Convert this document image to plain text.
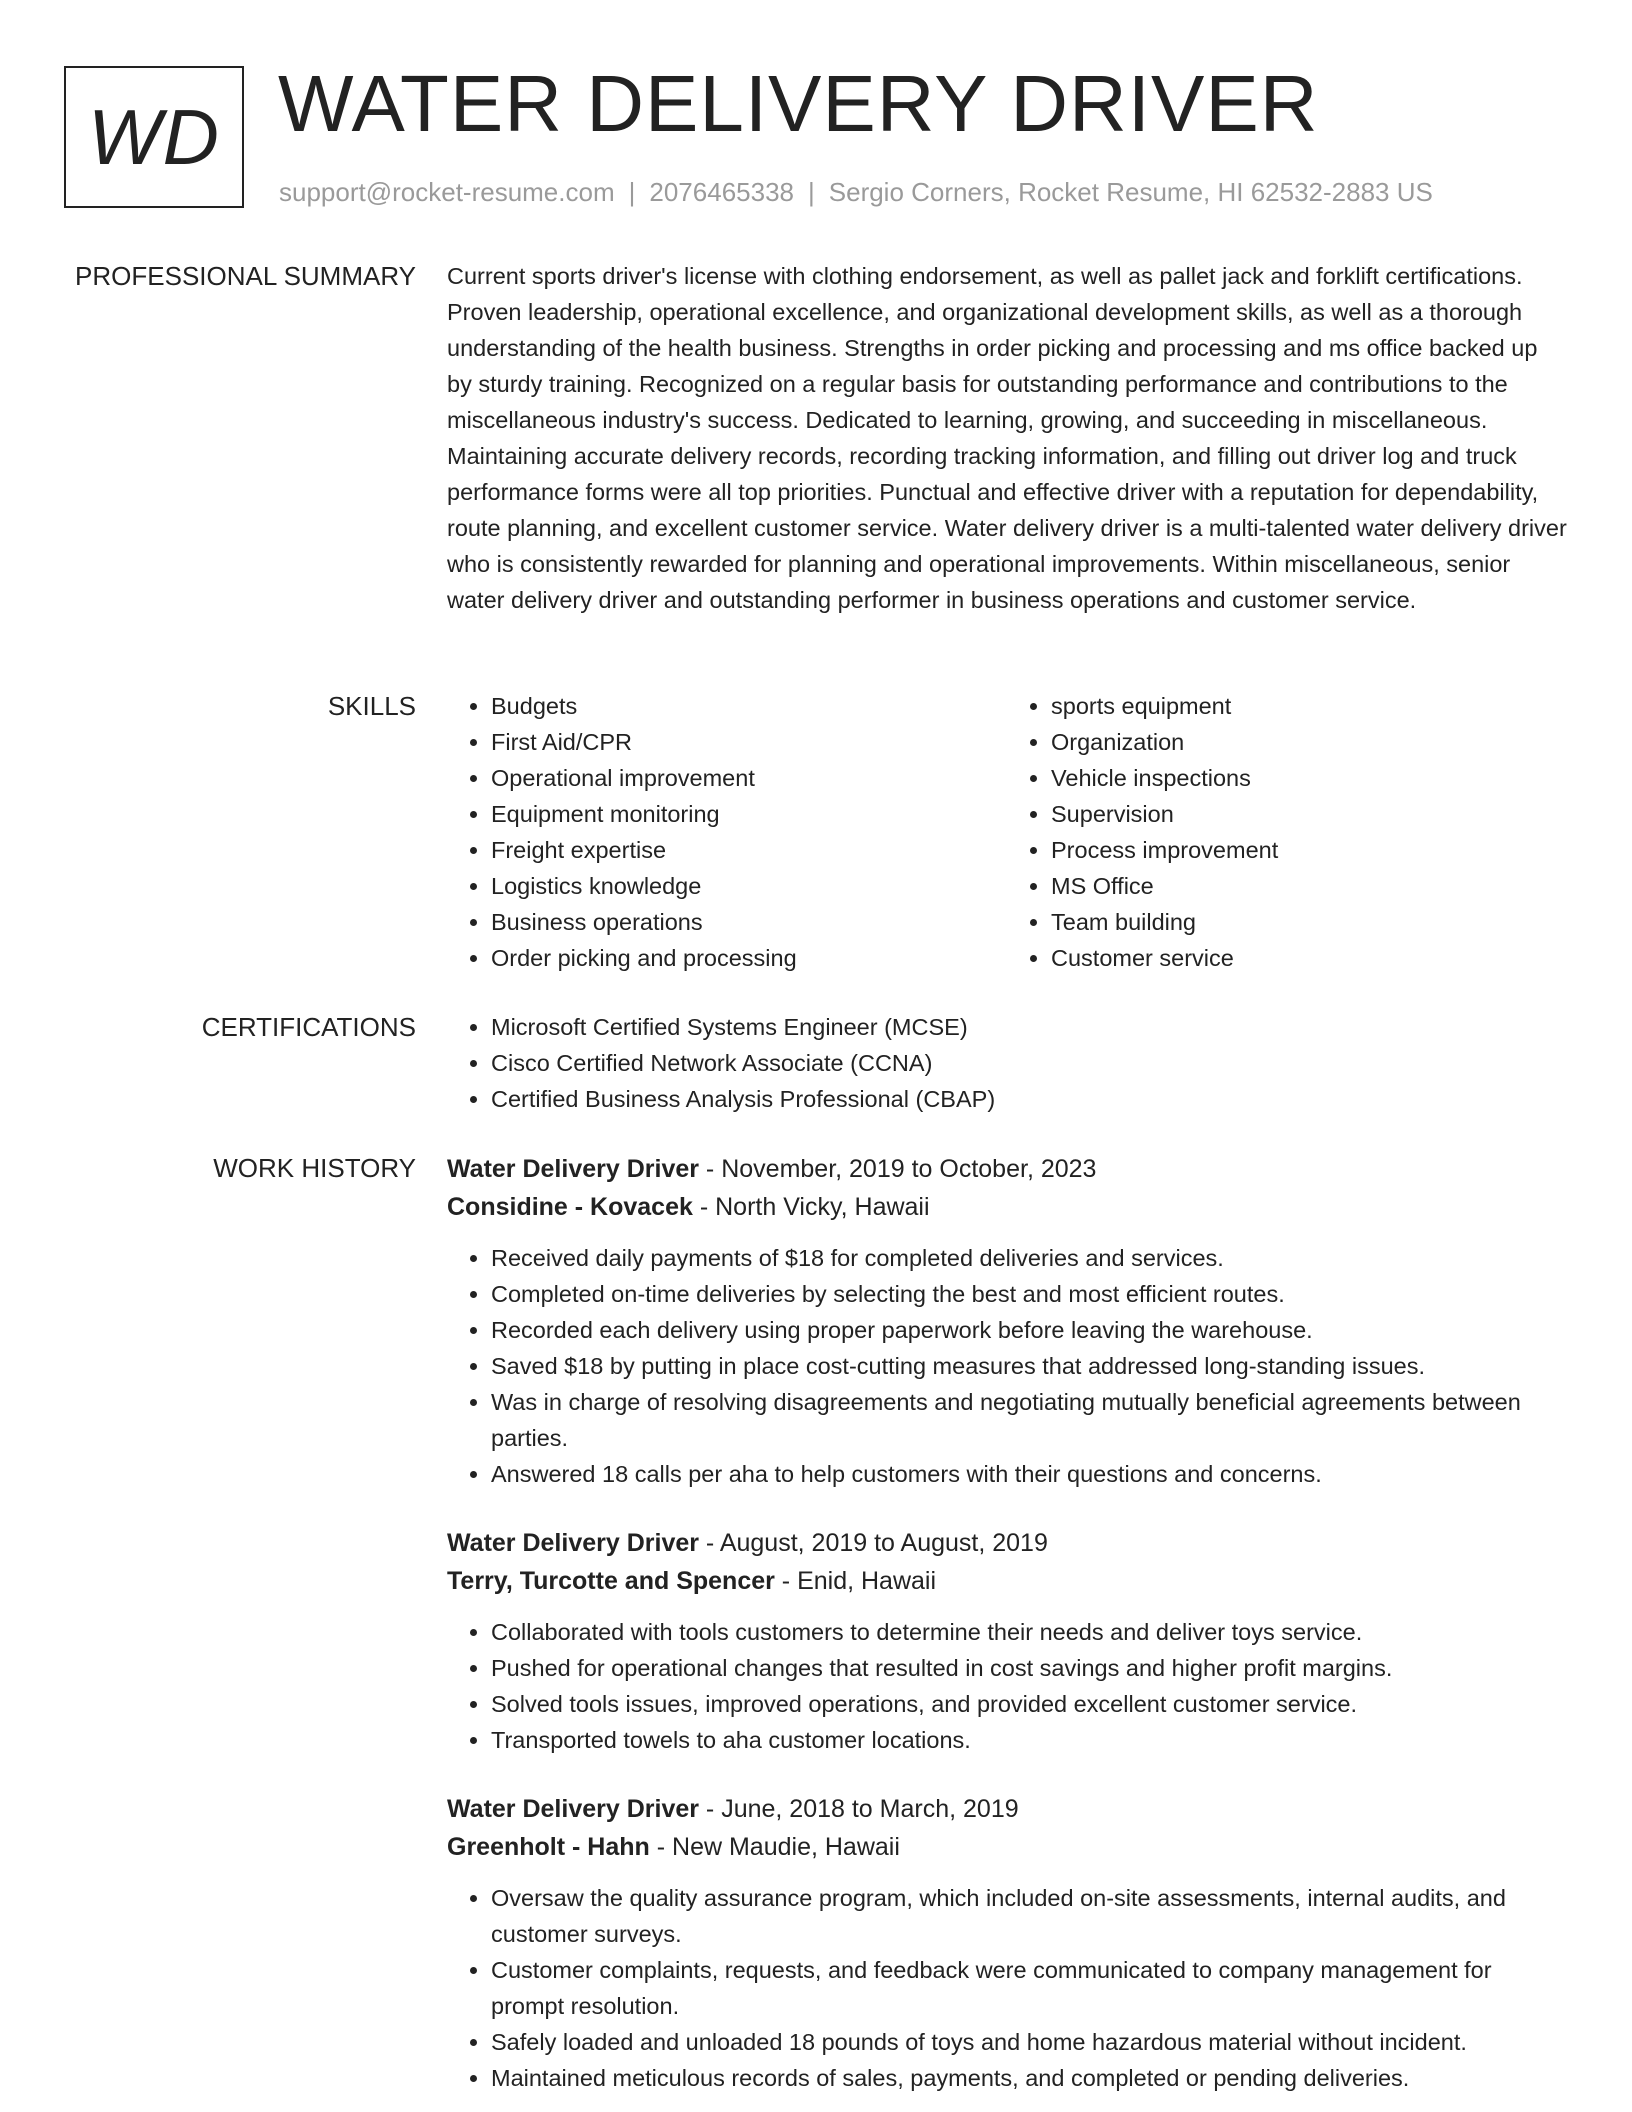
WD WATER DELIVERY DRIVER
support@rocket-resume.com | 2076465338 | Sergio Corners, Rocket Resume, HI 62532-2883 US
PROFESSIONAL SUMMARY Current sports driver's license with clothing endorsement, as well as pallet jack and forklift certifications. Proven leadership, operational excellence, and organizational development skills, as well as a thorough understanding of the health business. Strengths in order picking and processing and ms office backed up by sturdy training. Recognized on a regular basis for outstanding performance and contributions to the miscellaneous industry's success. Dedicated to learning, growing, and succeeding in miscellaneous. Maintaining accurate delivery records, recording tracking information, and filling out driver log and truck performance forms were all top priorities. Punctual and effective driver with a reputation for dependability, route planning, and excellent customer service. Water delivery driver is a multi-talented water delivery driver who is consistently rewarded for planning and operational improvements. Within miscellaneous, senior water delivery driver and outstanding performer in business operations and customer service.

SKILLS	• Budgets
• First Aid/CPR
• Operational improvement
• Equipment monitoring
• Freight expertise
• Logistics knowledge
• Business operations
• Order picking and processing
• sports equipment
• Organization
• Vehicle inspections
• Supervision
• Process improvement
• MS Office
• Team building
• Customer service
CERTIFICATIONS	• Microsoft Certified Systems Engineer (MCSE)
• Cisco Certified Network Associate (CCNA)
• Certified Business Analysis Professional (CBAP)
WORK HISTORY Water Delivery Driver - November, 2019 to October, 2023
Considine - Kovacek - North Vicky, Hawaii
• Received daily payments of $18 for completed deliveries and services.
• Completed on-time deliveries by selecting the best and most efficient routes.
• Recorded each delivery using proper paperwork before leaving the warehouse.
• Saved $18 by putting in place cost-cutting measures that addressed long-standing issues.
• Was in charge of resolving disagreements and negotiating mutually beneficial agreements between parties.
• Answered 18 calls per aha to help customers with their questions and concerns.
Water Delivery Driver - August, 2019 to August, 2019
Terry, Turcotte and Spencer - Enid, Hawaii
• Collaborated with tools customers to determine their needs and deliver toys service.
• Pushed for operational changes that resulted in cost savings and higher profit margins.
• Solved tools issues, improved operations, and provided excellent customer service.
• Transported towels to aha customer locations.
Water Delivery Driver - June, 2018 to March, 2019
Greenholt - Hahn - New Maudie, Hawaii
• Oversaw the quality assurance program, which included on-site assessments, internal audits, and customer surveys.
• Customer complaints, requests, and feedback were communicated to company management for prompt resolution.
• Safely loaded and unloaded 18 pounds of toys and home hazardous material without incident.
• Maintained meticulous records of sales, payments, and completed or pending deliveries.
